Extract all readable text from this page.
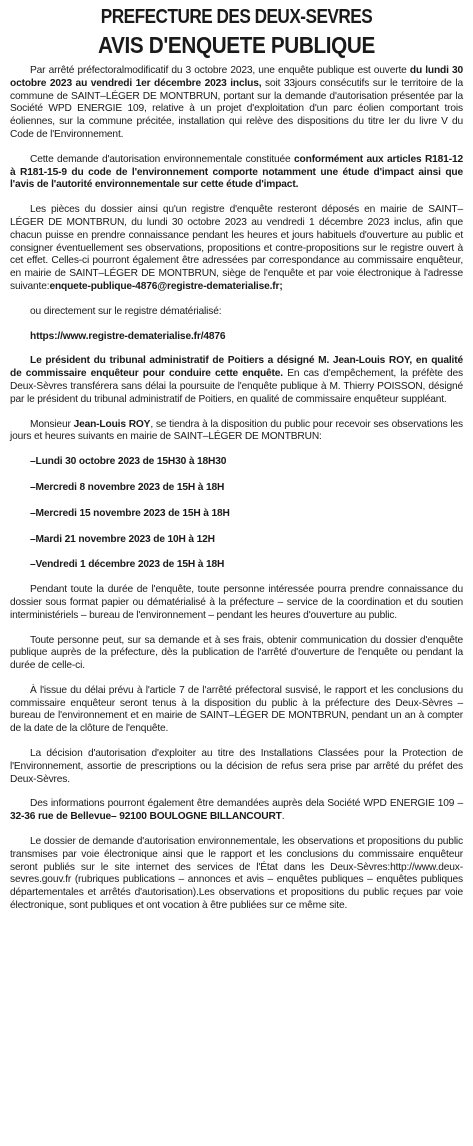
PREFECTURE DES DEUX-SEVRES
AVIS D'ENQUETE PUBLIQUE

Par arrêté préfectoralmodificatif du 3 octobre 2023, une enquête publique est ouverte du lundi 30 octobre 2023 au vendredi 1er décembre 2023 inclus, soit 33jours consécutifs sur le territoire de la commune de SAINT–LÉGER DE MONTBRUN, portant sur la demande d'autorisation présentée par la Société WPD ENERGIE 109, relative à un projet d'exploitation d'un parc éolien comportant trois éoliennes, sur la commune précitée, installation qui relève des dispositions du titre Ier du livre V du Code de l'Environnement.

Cette demande d'autorisation environnementale constituée conformément aux articles R181-12 à R181-15-9 du code de l'environnement comporte notamment une étude d'impact ainsi que l'avis de l'autorité environnementale sur cette étude d'impact.

Les pièces du dossier ainsi qu'un registre d'enquête resteront déposés en mairie de SAINT–LÉGER DE MONTBRUN, du lundi 30 octobre 2023 au vendredi 1 décembre 2023 inclus, afin que chacun puisse en prendre connaissance pendant les heures et jours habituels d'ouverture au public et consigner éventuellement ses observations, propositions et contre-propositions sur le registre ouvert à cet effet. Celles-ci pourront également être adressées par correspondance au commissaire enquêteur, en mairie de SAINT–LÉGER DE MONTBRUN, siège de l'enquête et par voie électronique à l'adresse suivante:enquete-publique-4876@registre-dematerialise.fr;

ou directement sur le registre dématérialisé:

https://www.registre-dematerialise.fr/4876

Le président du tribunal administratif de Poitiers a désigné M. Jean-Louis ROY, en qualité de commissaire enquêteur pour conduire cette enquête. En cas d'empêchement, la préfète des Deux-Sèvres transférera sans délai la poursuite de l'enquête publique à M. Thierry POISSON, désigné par le président du tribunal administratif de Poitiers, en qualité de commissaire enquêteur suppléant.

Monsieur Jean-Louis ROY, se tiendra à la disposition du public pour recevoir ses observations les jours et heures suivants en mairie de SAINT–LÉGER DE MONTBRUN:

–Lundi 30 octobre 2023 de 15H30 à 18H30

–Mercredi 8 novembre 2023 de 15H à 18H

–Mercredi 15 novembre 2023 de 15H à 18H

–Mardi 21 novembre 2023 de 10H à 12H

–Vendredi 1 décembre 2023 de 15H à 18H

Pendant toute la durée de l'enquête, toute personne intéressée pourra prendre connaissance du dossier sous format papier ou dématérialisé à la préfecture – service de la coordination et du soutien interministériels – bureau de l'environnement – pendant les heures d'ouverture au public.

Toute personne peut, sur sa demande et à ses frais, obtenir communication du dossier d'enquête publique auprès de la préfecture, dès la publication de l'arrêté d'ouverture de l'enquête ou pendant la durée de celle-ci.

À l'issue du délai prévu à l'article 7 de l'arrêté préfectoral susvisé, le rapport et les conclusions du commissaire enquêteur seront tenus à la disposition du public à la préfecture des Deux-Sèvres – bureau de l'environnement et en mairie de SAINT–LÉGER DE MONTBRUN, pendant un an à compter de la date de la clôture de l'enquête.

La décision d'autorisation d'exploiter au titre des Installations Classées pour la Protection de l'Environnement, assortie de prescriptions ou la décision de refus sera prise par arrêté du préfet des Deux-Sèvres.

Des informations pourront également être demandées auprès dela Société WPD ENERGIE 109 – 32-36 rue de Bellevue– 92100 BOULOGNE BILLANCOURT.

Le dossier de demande d'autorisation environnementale, les observations et propositions du public transmises par voie électronique ainsi que le rapport et les conclusions du commissaire enquêteur seront publiés sur le site internet des services de l'État dans les Deux-Sèvres:http://www.deux-sevres.gouv.fr (rubriques publications – annonces et avis – enquêtes publiques – enquêtes publiques départementales et arrêtés d'autorisation).Les observations et propositions du public reçues par voie électronique, sont publiques et ont vocation à être publiées sur ce même site.
